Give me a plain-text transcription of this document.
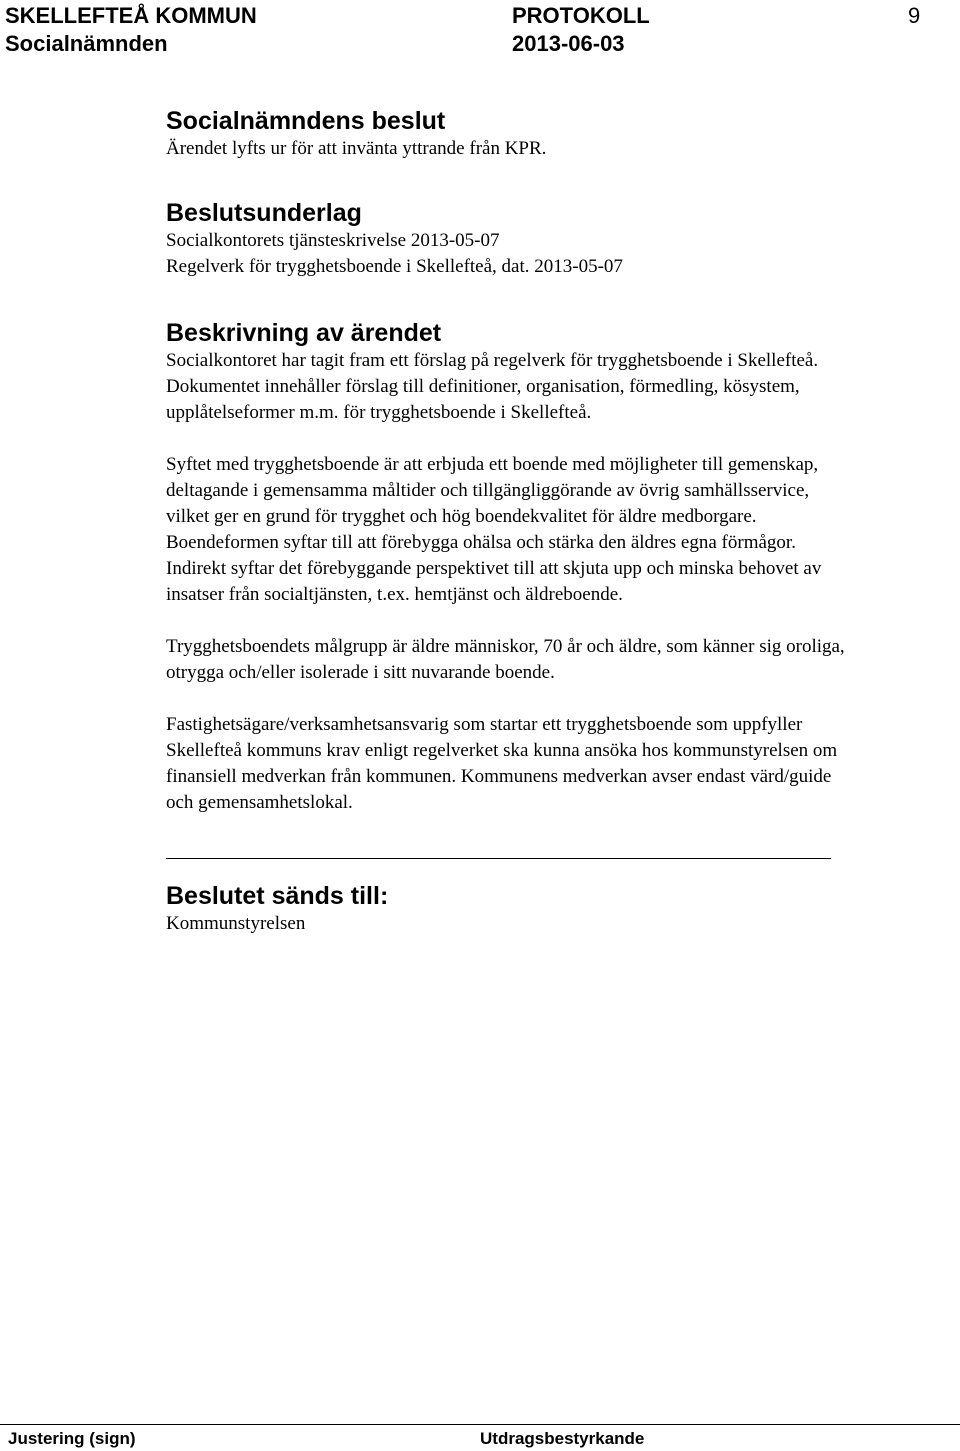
SKELLEFTEÅ KOMMUN
Socialnämnden
PROTOKOLL
2013-06-03
9
Socialnämndens beslut

Ärendet lyfts ur för att invänta yttrande från KPR.

Beslutsunderlag

Socialkontorets tjänsteskrivelse 2013-05-07

Regelverk för trygghetsboende i Skellefteå, dat. 2013-05-07

Beskrivning av ärendet

Socialkontoret har tagit fram ett förslag på regelverk för trygghetsboende i Skellefteå. Dokumentet innehåller förslag till definitioner, organisation, förmedling, kösystem, upplåtelseformer m.m. för trygghetsboende i Skellefteå.

Syftet med trygghetsboende är att erbjuda ett boende med möjligheter till gemenskap, deltagande i gemensamma måltider och tillgängliggörande av övrig samhällsservice, vilket ger en grund för trygghet och hög boendekvalitet för äldre medborgare. Boendeformen syftar till att förebygga ohälsa och stärka den äldres egna förmågor. Indirekt syftar det förebyggande perspektivet till att skjuta upp och minska behovet av insatser från socialtjänsten, t.ex. hemtjänst och äldreboende.

Trygghetsboendets målgrupp är äldre människor, 70 år och äldre, som känner sig oroliga, otrygga och/eller isolerade i sitt nuvarande boende.

Fastighetsägare/verksamhetsansvarig som startar ett trygghetsboende som uppfyller Skellefteå kommuns krav enligt regelverket ska kunna ansöka hos kommunstyrelsen om finansiell medverkan från kommunen. Kommunens medverkan avser endast värd/guide och gemensamhetslokal.

Beslutet sänds till:

Kommunstyrelsen

Justering (sign)	Utdragsbestyrkande
